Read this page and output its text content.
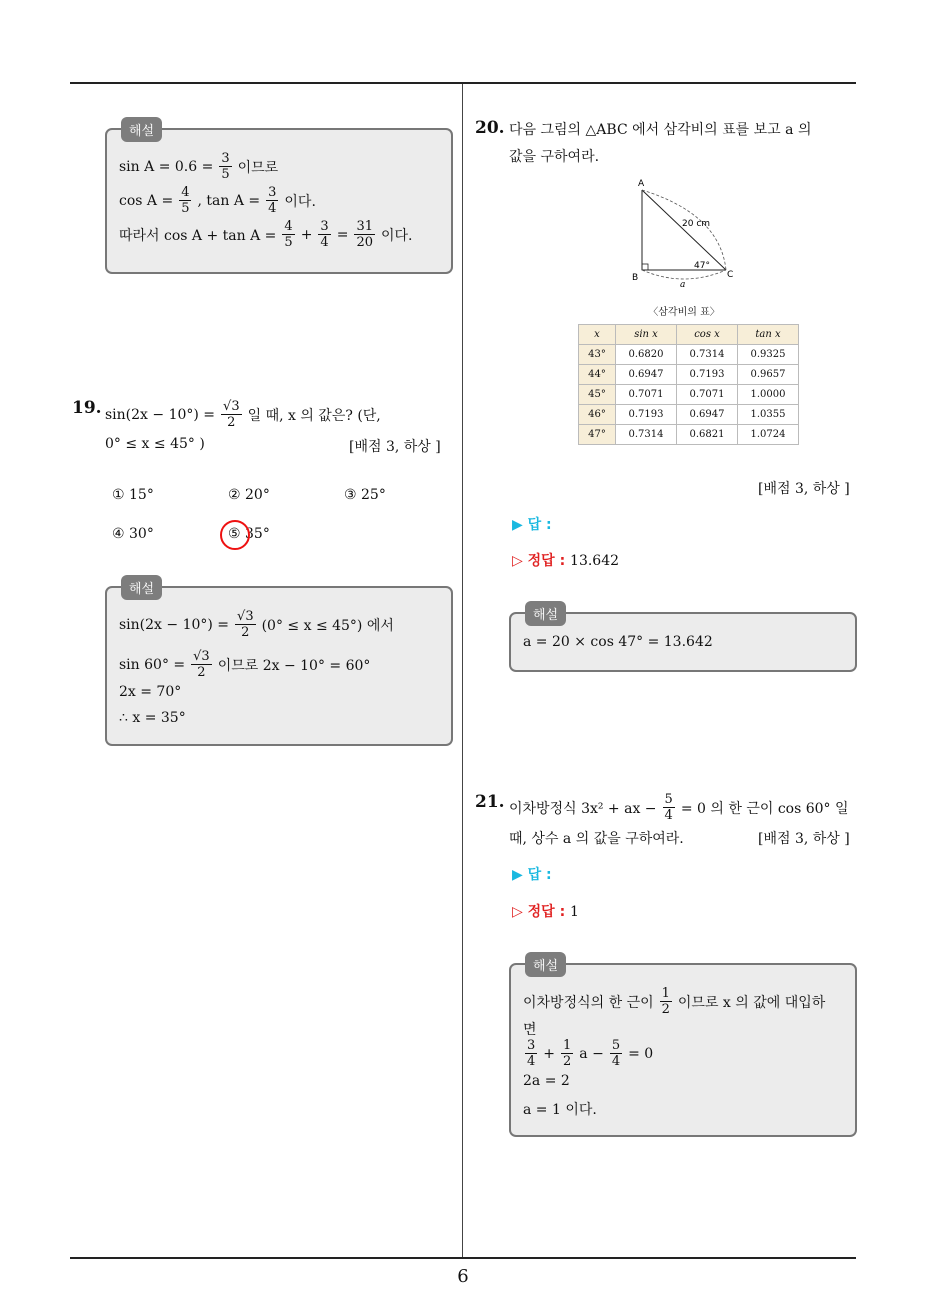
해설
$\sin A = 0.6 = \frac{3}{5}$ 이므로
$\cos A = \frac{4}{5}$ , $\tan A = \frac{3}{4}$ 이다.
따라서 $\cos A + \tan A = \frac{4}{5} + \frac{3}{4} = \frac{31}{20}$ 이다.
19. $\sin(2x - 10^\circ) = \frac{√3}{2}$ 일 때, x 의 값은? (단,
0° ≤ x ≤ 45° )	[배점 3, 하상 ]
① 15°	② 20°	③ 25°
④ 30°	⑤ 35°
해설
$\sin(2x - 10^\circ) = \frac{√3}{2} (0^\circ \le x \le 45^\circ)$ 에서
$\sin 60^\circ = \frac{√3}{2}$ 이므로 2x − 10° = 60°
2x = 70°
∴ x = 35°
20. 다음 그림의 △ABC 에서 삼각비의 표를 보고 a 의
값을 구하여라.
A
B	C
20 cm
47°
a
〈삼각비의 표〉
x	sin x	cos x	tan x
43°	0.6820	0.7314	0.9325
44°	0.6947	0.7193	0.9657
45°	0.7071	0.7071	1.0000
46°	0.7193	0.6947	1.0355
47°	0.7314	0.6821	1.0724
[배점 3, 하상 ]
▶ 답 :
▷ 정답 : 13.642
해설
a = 20 × cos 47° = 13.642
21. 이차방정식 3x² + ax − $\frac{5}{4} = 0$ 의 한 근이 cos 60° 일
때, 상수 a 의 값을 구하여라.	[배점 3, 하상 ]
▶ 답 :
▷ 정답 : 1
해설
이차방정식의 한 근이 $\frac{1}{2}$ 이므로 x 의 값에 대입하
면
$\frac{3}{4} + \frac{1}{2}$ $a - \frac{5}{4} = 0$
2a = 2
a = 1 이다.
6
